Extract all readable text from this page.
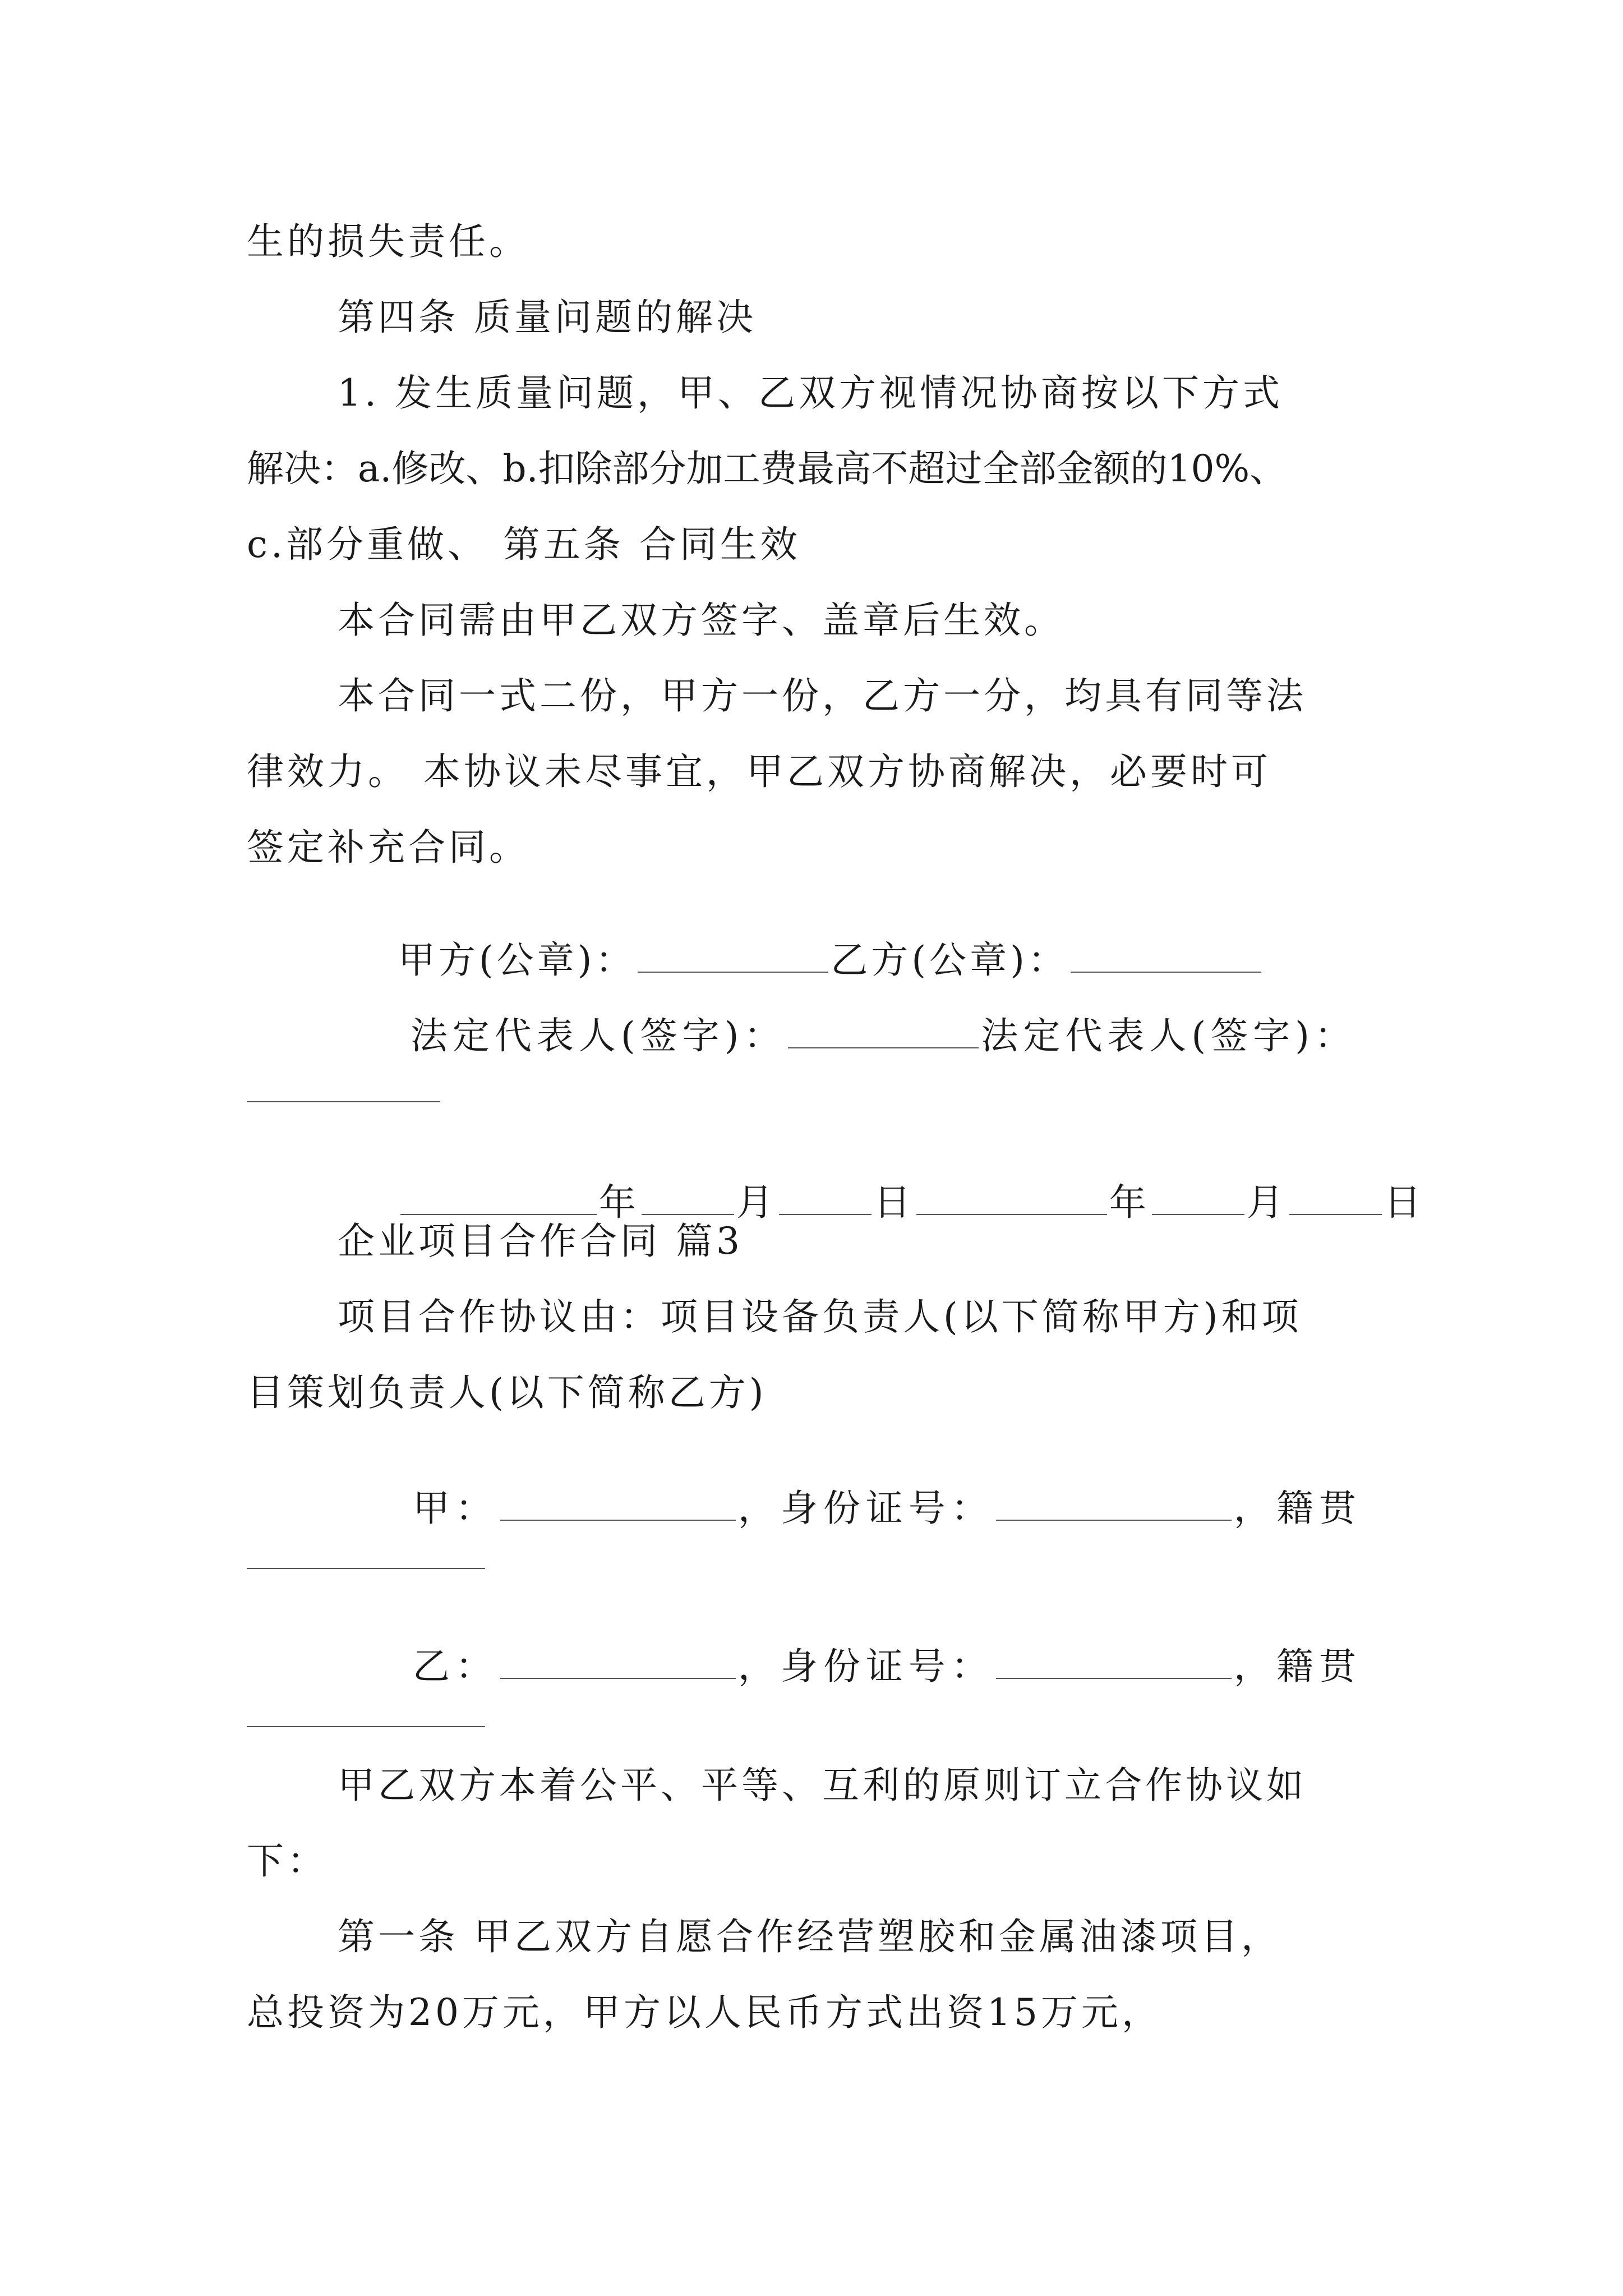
生的损失责任。
第四条 质量问题的解决
1. 发生质量问题，甲、乙双方视情况协商按以下方式
解决：a.修改、b.扣除部分加工费最高不超过全部金额的10%、
c.部分重做、 第五条 合同生效
本合同需由甲乙双方签字、盖章后生效。
本合同一式二份，甲方一份，乙方一分，均具有同等法
律效力。 本协议未尽事宜，甲乙双方协商解决，必要时可
签定补充合同。

甲方(公章)：	乙方(公章)：

法定代表人(签字)：	法定代表人(签字)：

年	月	日	年	月	日

企业项目合作合同 篇3
项目合作协议由：项目设备负责人(以下简称甲方)和项
目策划负责人(以下简称乙方)

甲：	，身份证号：	，籍贯

乙：	，身份证号：	，籍贯

甲乙双方本着公平、平等、互利的原则订立合作协议如
下：
第一条 甲乙双方自愿合作经营塑胶和金属油漆项目，
总投资为20万元，甲方以人民币方式出资15万元，
